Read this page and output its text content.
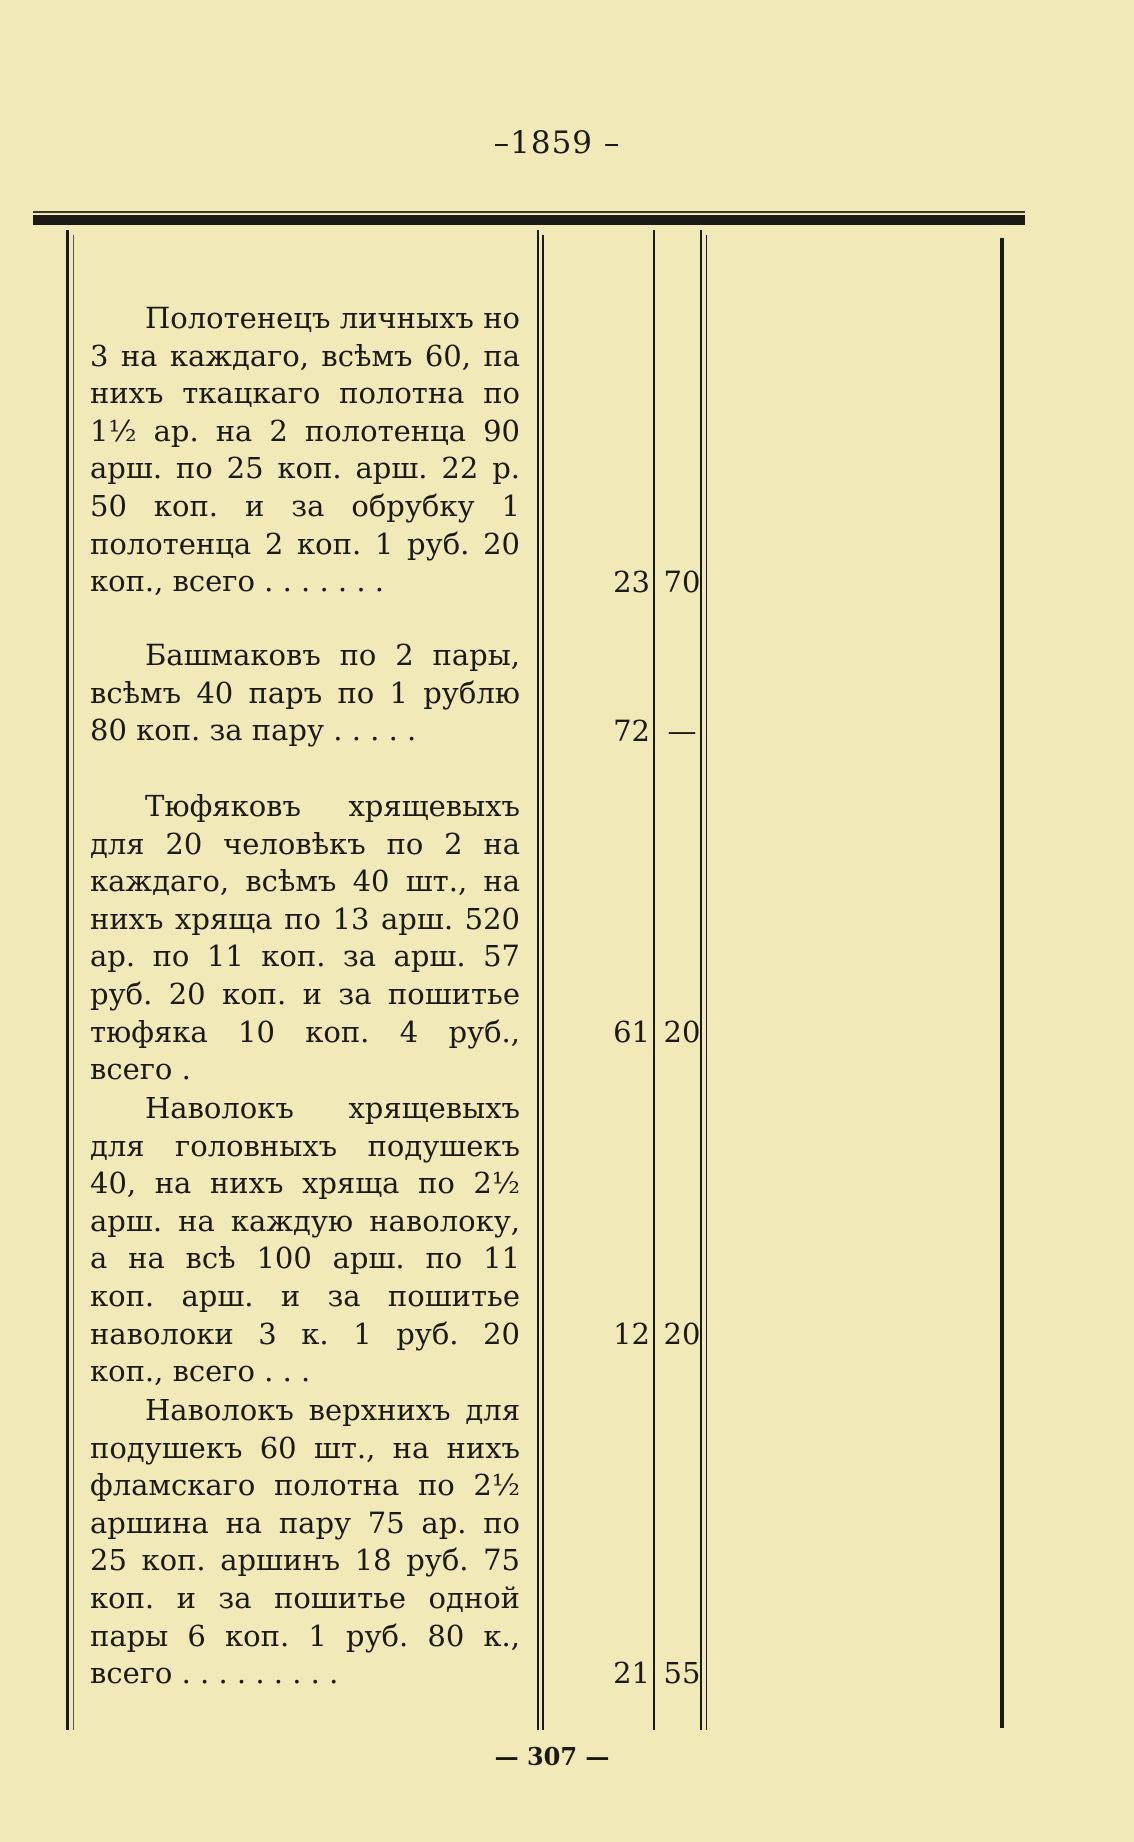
–1859 –
Полотенецъ личныхъ но 3 на каждаго, всѣмъ 60, па нихъ ткацкаго полотна по 1½ ар. на 2 полотенца 90 арш. по 25 коп. арш. 22 р. 50 коп. и за обрубку 1 полотенца 2 коп. 1 руб. 20 коп., всего . . . . . . .
Башмаковъ по 2 пары, всѣмъ 40 паръ по 1 рублю 80 коп. за пару . . . . .
Тюфяковъ хрящевыхъ для 20 человѣкъ по 2 на каждаго, всѣмъ 40 шт., на нихъ хряща по 13 арш. 520 ар. по 11 коп. за арш. 57 руб. 20 коп. и за пошитье тюфяка 10 коп. 4 руб., всего .
Наволокъ хрящевыхъ для головныхъ подушекъ 40, на нихъ хряща по 2½ арш. на каждую наволоку, а на всѣ 100 арш. по 11 коп. арш. и за пошитье наволоки 3 к. 1 руб. 20 коп., всего . . .
Наволокъ верхнихъ для подушекъ 60 шт., на нихъ фламскаго полотна по 2½ аршина на пару 75 ар. по 25 коп. аршинъ 18 руб. 75 коп. и за пошитье одной пары 6 коп. 1 руб. 80 к., всего . . . . . . . . .
23 70
72 —
61 20
12 20
21 55
— 307 —
